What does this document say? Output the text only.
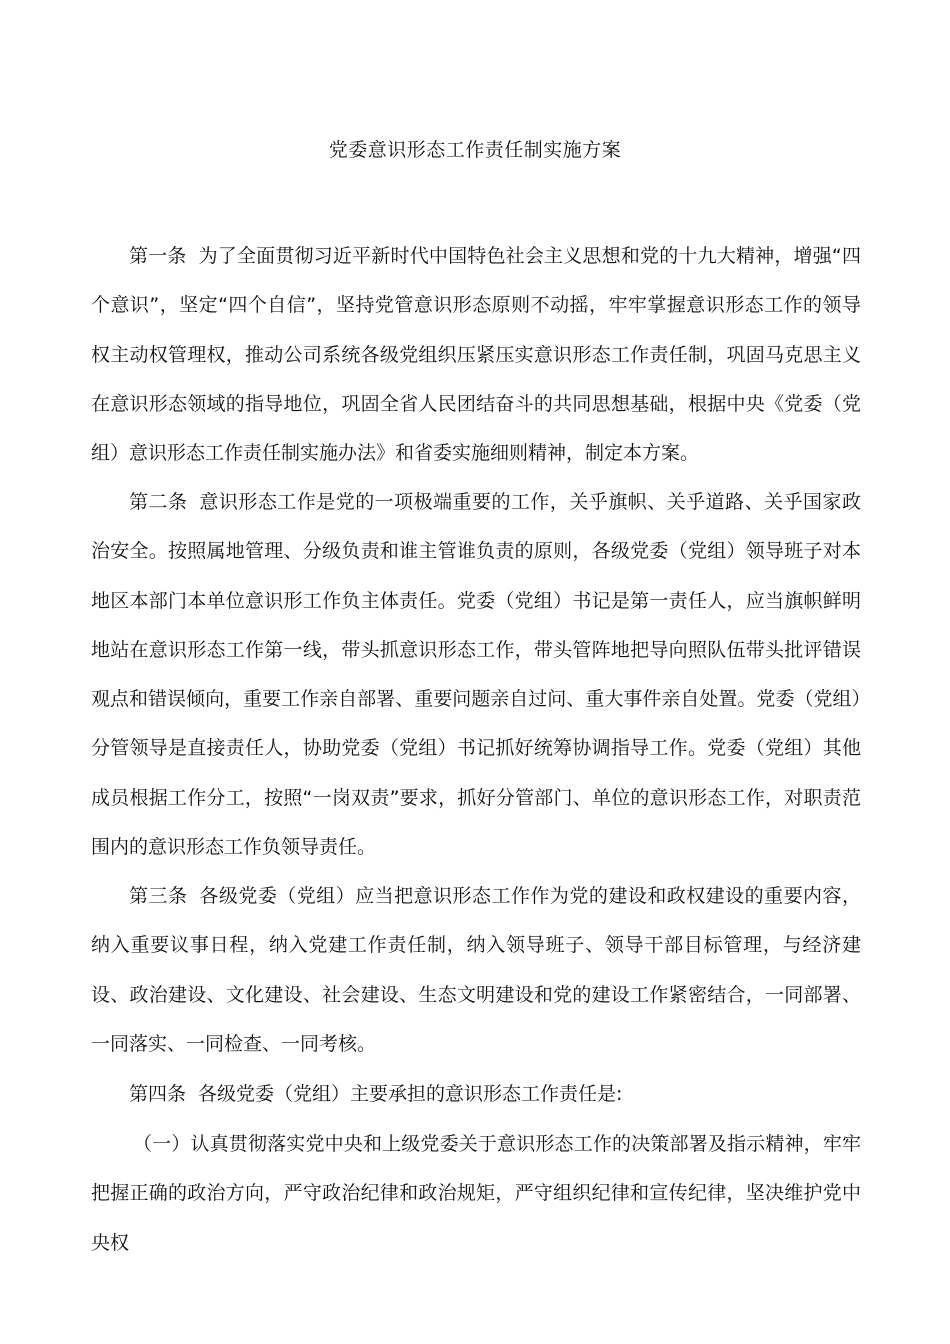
党委意识形态工作责任制实施方案

第一条 为了全面贯彻习近平新时代中国特色社会主义思想和党的十九大精神，增强“四个意识”，坚定“四个自信”，坚持党管意识形态原则不动摇，牢牢掌握意识形态工作的领导权主动权管理权，推动公司系统各级党组织压紧压实意识形态工作责任制，巩固马克思主义在意识形态领域的指导地位，巩固全省人民团结奋斗的共同思想基础，根据中央《党委（党组）意识形态工作责任制实施办法》和省委实施细则精神，制定本方案。

第二条 意识形态工作是党的一项极端重要的工作，关乎旗帜、关乎道路、关乎国家政治安全。按照属地管理、分级负责和谁主管谁负责的原则，各级党委（党组）领导班子对本地区本部门本单位意识形工作负主体责任。党委（党组）书记是第一责任人，应当旗帜鲜明地站在意识形态工作第一线，带头抓意识形态工作，带头管阵地把导向照队伍带头批评错误观点和错误倾向，重要工作亲自部署、重要问题亲自过问、重大事件亲自处置。党委（党组）分管领导是直接责任人，协助党委（党组）书记抓好统筹协调指导工作。党委（党组）其他成员根据工作分工，按照“一岗双责”要求，抓好分管部门、单位的意识形态工作，对职责范围内的意识形态工作负领导责任。

第三条 各级党委（党组）应当把意识形态工作作为党的建设和政权建设的重要内容，纳入重要议事日程，纳入党建工作责任制，纳入领导班子、领导干部目标管理，与经济建设、政治建设、文化建设、社会建设、生态文明建设和党的建设工作紧密结合，一同部署、一同落实、一同检查、一同考核。

第四条 各级党委（党组）主要承担的意识形态工作责任是:

（一）认真贯彻落实党中央和上级党委关于意识形态工作的决策部署及指示精神，牢牢把握正确的政治方向，严守政治纪律和政治规矩，严守组织纪律和宣传纪律，坚决维护党中央权
